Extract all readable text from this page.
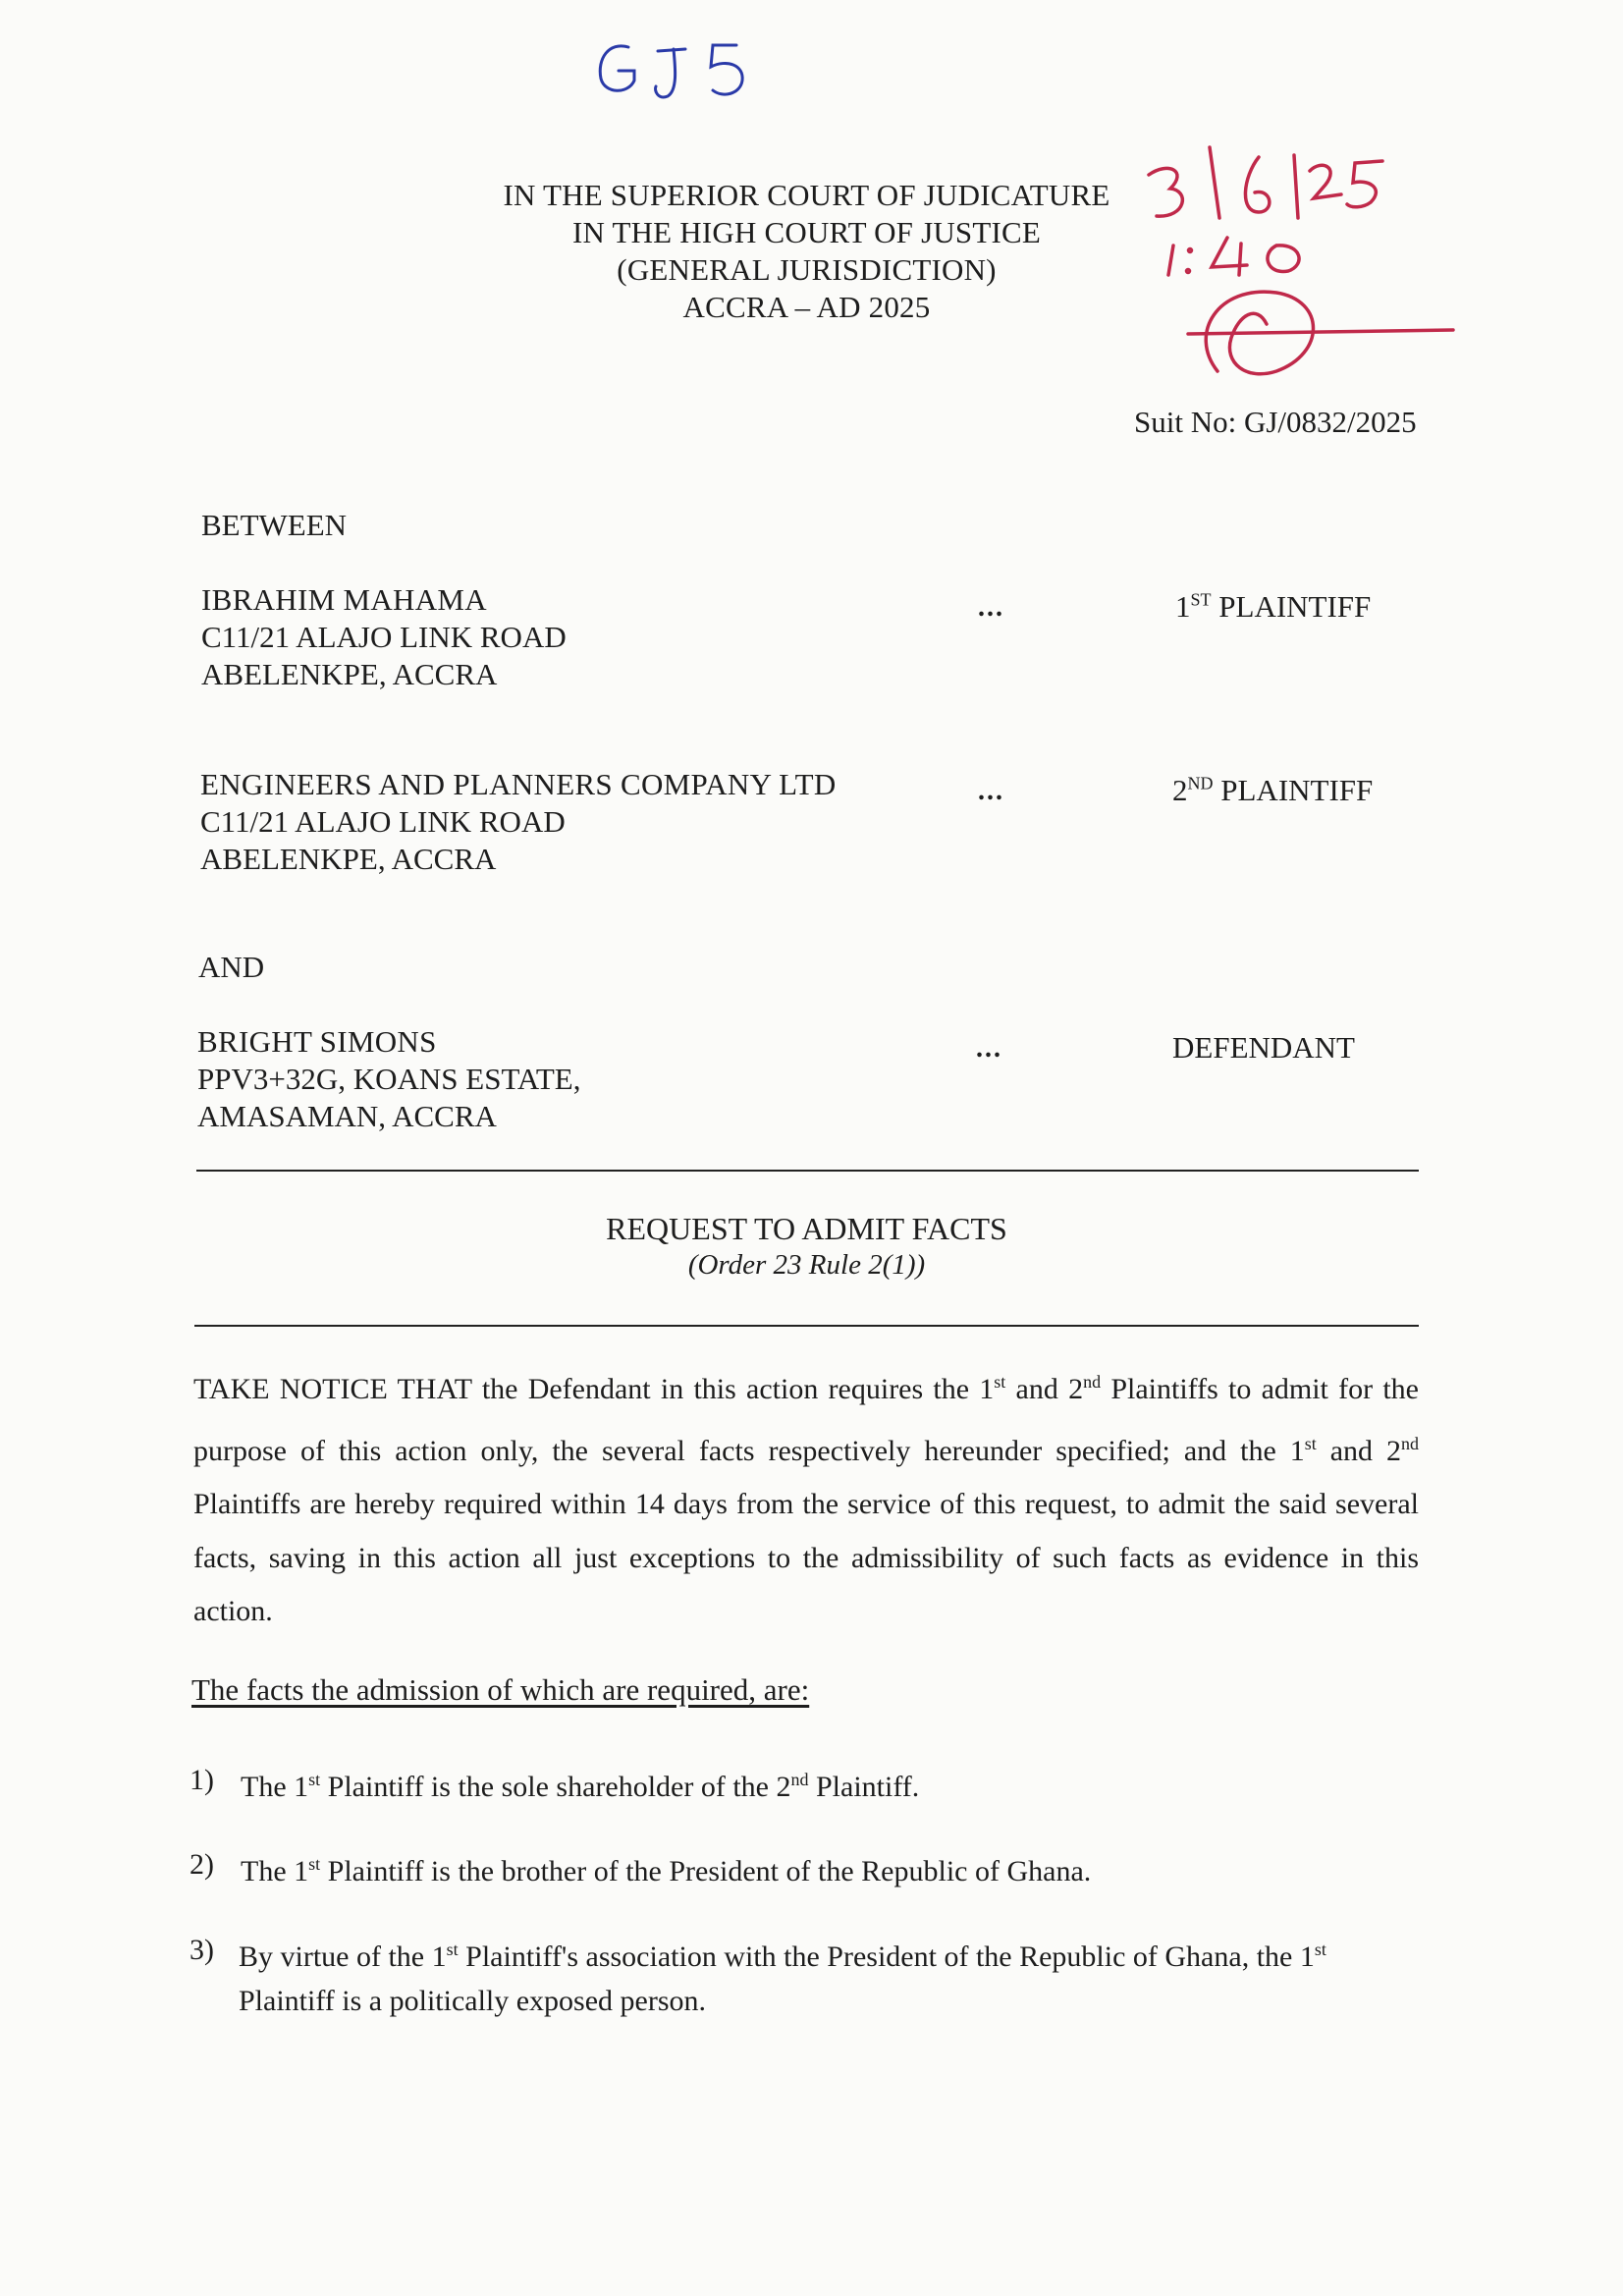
IN THE SUPERIOR COURT OF JUDICATURE
IN THE HIGH COURT OF JUSTICE
(GENERAL JURISDICTION)
ACCRA – AD 2025
Suit No: GJ/0832/2025
BETWEEN
IBRAHIM MAHAMA
C11/21 ALAJO LINK ROAD
ABELENKPE, ACCRA
...	1ST PLAINTIFF
ENGINEERS AND PLANNERS COMPANY LTD
C11/21 ALAJO LINK ROAD
ABELENKPE, ACCRA
...	2ND PLAINTIFF
AND
BRIGHT SIMONS
PPV3+32G, KOANS ESTATE,
AMASAMAN, ACCRA
...	DEFENDANT
REQUEST TO ADMIT FACTS
(Order 23 Rule 2(1))
TAKE NOTICE THAT the Defendant in this action requires the 1st and 2nd Plaintiffs to admit for the purpose of this action only, the several facts respectively hereunder specified; and the 1st and 2nd Plaintiffs are hereby required within 14 days from the service of this request, to admit the said several facts, saving in this action all just exceptions to the admissibility of such facts as evidence in this action.
The facts the admission of which are required, are:
1) The 1st Plaintiff is the sole shareholder of the 2nd Plaintiff.
2) The 1st Plaintiff is the brother of the President of the Republic of Ghana.
3) By virtue of the 1st Plaintiff's association with the President of the Republic of Ghana, the 1st Plaintiff is a politically exposed person.
